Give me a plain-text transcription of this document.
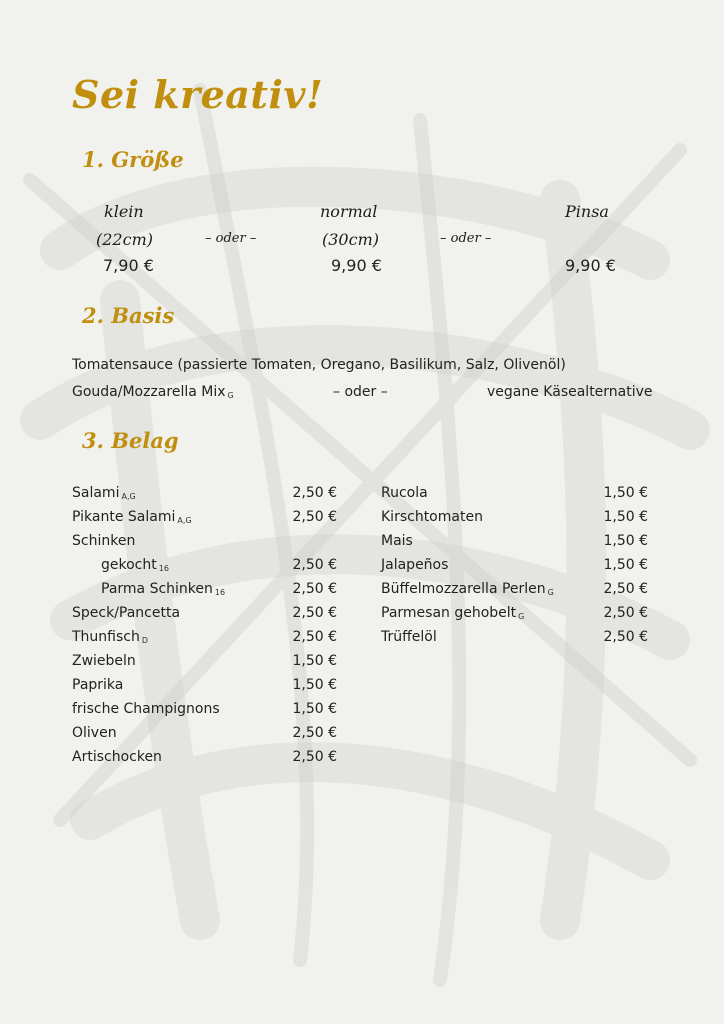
Sei kreativ!
1. Größe
klein
(22cm)
7,90 €
– oder –
normal
(30cm)
9,90 €
– oder –
Pinsa
9,90 €
2. Basis
Tomatensauce (passierte Tomaten, Oregano, Basilikum, Salz, Olivenöl)
Gouda/Mozzarella Mix $_G$	– oder –	vegane Käsealternative
3. Belag
Salami $_{A,G}$	2,50 €
Pikante Salami $_{A,G}$	2,50 €
Schinken
gekocht $_{16}$	2,50 €
Parma Schinken $_{16}$	2,50 €
Speck/Pancetta	2,50 €
Thunfisch $_D$	2,50 €
Zwiebeln	1,50 €
Paprika	1,50 €
frische Champignons	1,50 €
Oliven	2,50 €
Artischocken	2,50 €
Rucola	1,50 €
Kirschtomaten	1,50 €
Mais	1,50 €
Jalapeños	1,50 €
Büffelmozzarella Perlen $_G$	2,50 €
Parmesan gehobelt $_G$	2,50 €
Trüffelöl	2,50 €
